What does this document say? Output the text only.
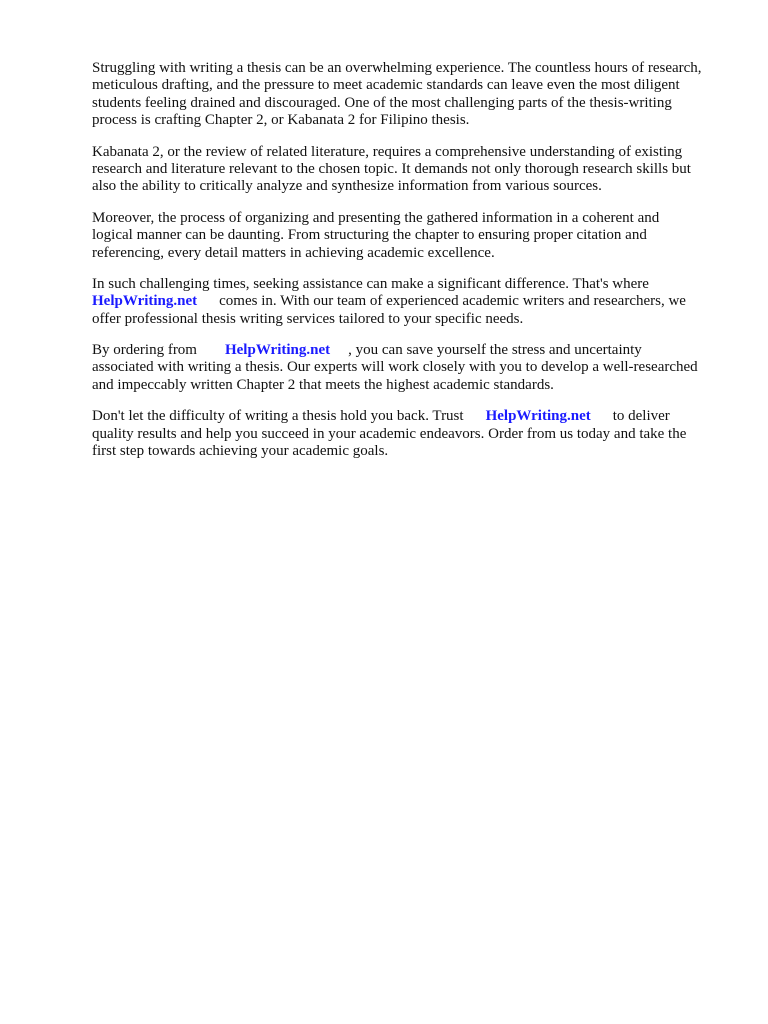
Struggling with writing a thesis can be an overwhelming experience. The countless hours of research,
meticulous drafting, and the pressure to meet academic standards can leave even the most diligent
students feeling drained and discouraged. One of the most challenging parts of the thesis-writing
process is crafting Chapter 2, or Kabanata 2 for Filipino thesis.

Kabanata 2, or the review of related literature, requires a comprehensive understanding of existing
research and literature relevant to the chosen topic. It demands not only thorough research skills but
also the ability to critically analyze and synthesize information from various sources.

Moreover, the process of organizing and presenting the gathered information in a coherent and
logical manner can be daunting. From structuring the chapter to ensuring proper citation and
referencing, every detail matters in achieving academic excellence.

In such challenging times, seeking assistance can make a significant difference. That's where
HelpWriting.net comes in. With our team of experienced academic writers and researchers, we
offer professional thesis writing services tailored to your specific needs.

By ordering from HelpWriting.net , you can save yourself the stress and uncertainty
associated with writing a thesis. Our experts will work closely with you to develop a well-researched
and impeccably written Chapter 2 that meets the highest academic standards.

Don't let the difficulty of writing a thesis hold you back. Trust HelpWriting.net to deliver
quality results and help you succeed in your academic endeavors. Order from us today and take the
first step towards achieving your academic goals.
